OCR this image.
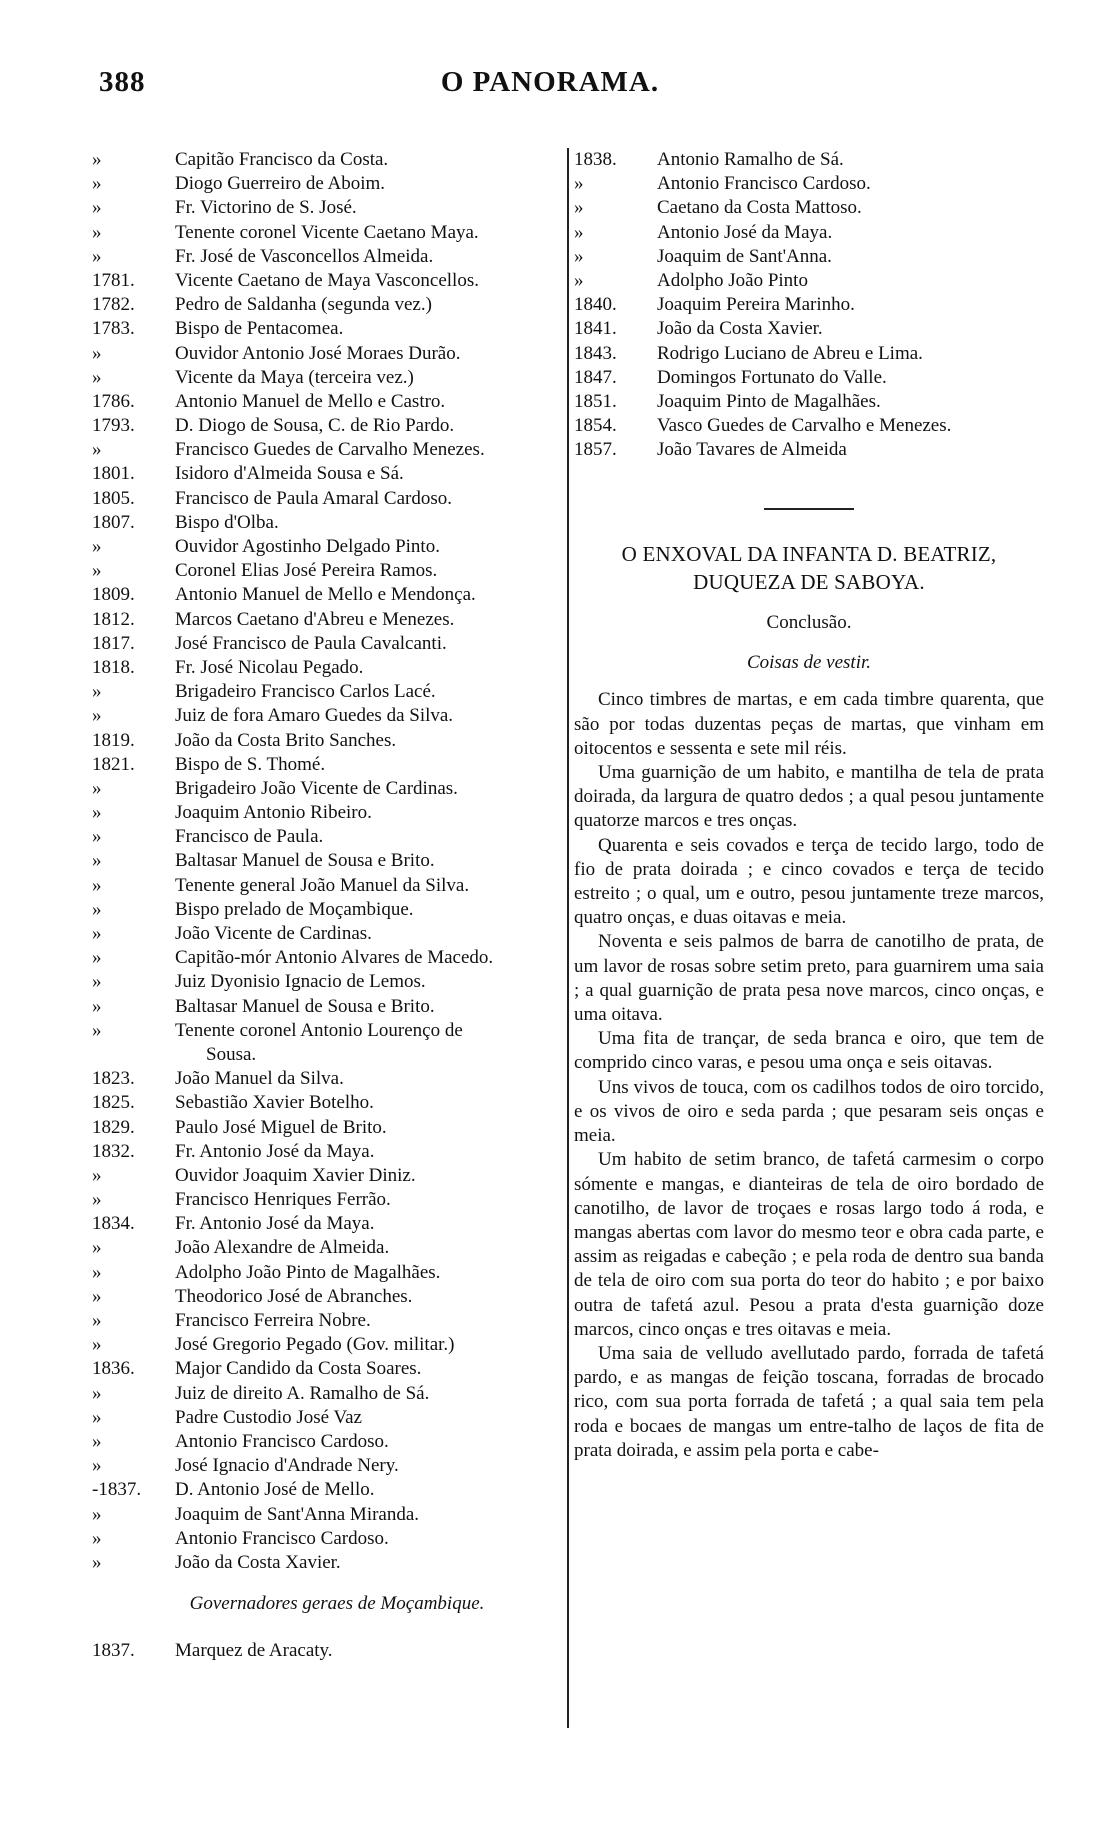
388	O PANORAMA.
»	Capitão Francisco da Costa.
»	Diogo Guerreiro de Aboim.
»	Fr. Victorino de S. José.
»	Tenente coronel Vicente Caetano Maya.
»	Fr. José de Vasconcellos Almeida.
1781.	Vicente Caetano de Maya Vasconcellos.
1782.	Pedro de Saldanha (segunda vez.)
1783.	Bispo de Pentacomea.
»	Ouvidor Antonio José Moraes Durão.
»	Vicente da Maya (terceira vez.)
1786.	Antonio Manuel de Mello e Castro.
1793.	D. Diogo de Sousa, C. de Rio Pardo.
»	Francisco Guedes de Carvalho Menezes.
1801.	Isidoro d'Almeida Sousa e Sá.
1805.	Francisco de Paula Amaral Cardoso.
1807.	Bispo d'Olba.
»	Ouvidor Agostinho Delgado Pinto.
»	Coronel Elias José Pereira Ramos.
1809.	Antonio Manuel de Mello e Mendonça.
1812.	Marcos Caetano d'Abreu e Menezes.
1817.	José Francisco de Paula Cavalcanti.
1818.	Fr. José Nicolau Pegado.
»	Brigadeiro Francisco Carlos Lacé.
»	Juiz de fora Amaro Guedes da Silva.
1819.	João da Costa Brito Sanches.
1821.	Bispo de S. Thomé.
»	Brigadeiro João Vicente de Cardinas.
»	Joaquim Antonio Ribeiro.
»	Francisco de Paula.
»	Baltasar Manuel de Sousa e Brito.
»	Tenente general João Manuel da Silva.
»	Bispo prelado de Moçambique.
»	João Vicente de Cardinas.
»	Capitão-mór Antonio Alvares de Macedo.
»	Juiz Dyonisio Ignacio de Lemos.
»	Baltasar Manuel de Sousa e Brito.
»	Tenente coronel Antonio Lourenço de
Sousa.
1823.	João Manuel da Silva.
1825.	Sebastião Xavier Botelho.
1829.	Paulo José Miguel de Brito.
1832.	Fr. Antonio José da Maya.
»	Ouvidor Joaquim Xavier Diniz.
»	Francisco Henriques Ferrão.
1834.	Fr. Antonio José da Maya.
»	João Alexandre de Almeida.
»	Adolpho João Pinto de Magalhães.
»	Theodorico José de Abranches.
»	Francisco Ferreira Nobre.
»	José Gregorio Pegado (Gov. militar.)
1836.	Major Candido da Costa Soares.
»	Juiz de direito A. Ramalho de Sá.
»	Padre Custodio José Vaz
»	Antonio Francisco Cardoso.
»	José Ignacio d'Andrade Nery.
-1837. D. Antonio José de Mello.
»	Joaquim de Sant'Anna Miranda.
»	Antonio Francisco Cardoso.
»	João da Costa Xavier.
Governadores geraes de Moçambique.
1837.	Marquez de Aracaty.
1838.	Antonio Ramalho de Sá.
»	Antonio Francisco Cardoso.
»	Caetano da Costa Mattoso.
»	Antonio José da Maya.
»	Joaquim de Sant'Anna.
»	Adolpho João Pinto
1840.	Joaquim Pereira Marinho.
1841.	João da Costa Xavier.
1843.	Rodrigo Luciano de Abreu e Lima.
1847.	Domingos Fortunato do Valle.
1851.	Joaquim Pinto de Magalhães.
1854.	Vasco Guedes de Carvalho e Menezes.
1857.	João Tavares de Almeida
O ENXOVAL DA INFANTA D. BEATRIZ,
DUQUEZA DE SABOYA.
Conclusão.
Coisas de vestir.

Cinco timbres de martas, e em cada timbre quarenta, que são por todas duzentas peças de martas, que vinham em oitocentos e sessenta e sete mil réis.

Uma guarnição de um habito, e mantilha de tela de prata doirada, da largura de quatro dedos ; a qual pesou juntamente quatorze marcos e tres onças.

Quarenta e seis covados e terça de tecido largo, todo de fio de prata doirada ; e cinco covados e terça de tecido estreito ; o qual, um e outro, pesou juntamente treze marcos, quatro onças, e duas oitavas e meia.

Noventa e seis palmos de barra de canotilho de prata, de um lavor de rosas sobre setim preto, para guarnirem uma saia ; a qual guarnição de prata pesa nove marcos, cinco onças, e uma oitava.

Uma fita de trançar, de seda branca e oiro, que tem de comprido cinco varas, e pesou uma onça e seis oitavas.

Uns vivos de touca, com os cadilhos todos de oiro torcido, e os vivos de oiro e seda parda ; que pesaram seis onças e meia.

Um habito de setim branco, de tafetá carmesim o corpo sómente e mangas, e dianteiras de tela de oiro bordado de canotilho, de lavor de troçaes e rosas largo todo á roda, e mangas abertas com lavor do mesmo teor e obra cada parte, e assim as reigadas e cabeção ; e pela roda de dentro sua banda de tela de oiro com sua porta do teor do habito ; e por baixo outra de tafetá azul. Pesou a prata d'esta guarnição doze marcos, cinco onças e tres oitavas e meia.

Uma saia de velludo avellutado pardo, forrada de tafetá pardo, e as mangas de feição toscana, forradas de brocado rico, com sua porta forrada de tafetá ; a qual saia tem pela roda e bocaes de mangas um entre-talho de laços de fita de prata doirada, e assim pela porta e cabe-
